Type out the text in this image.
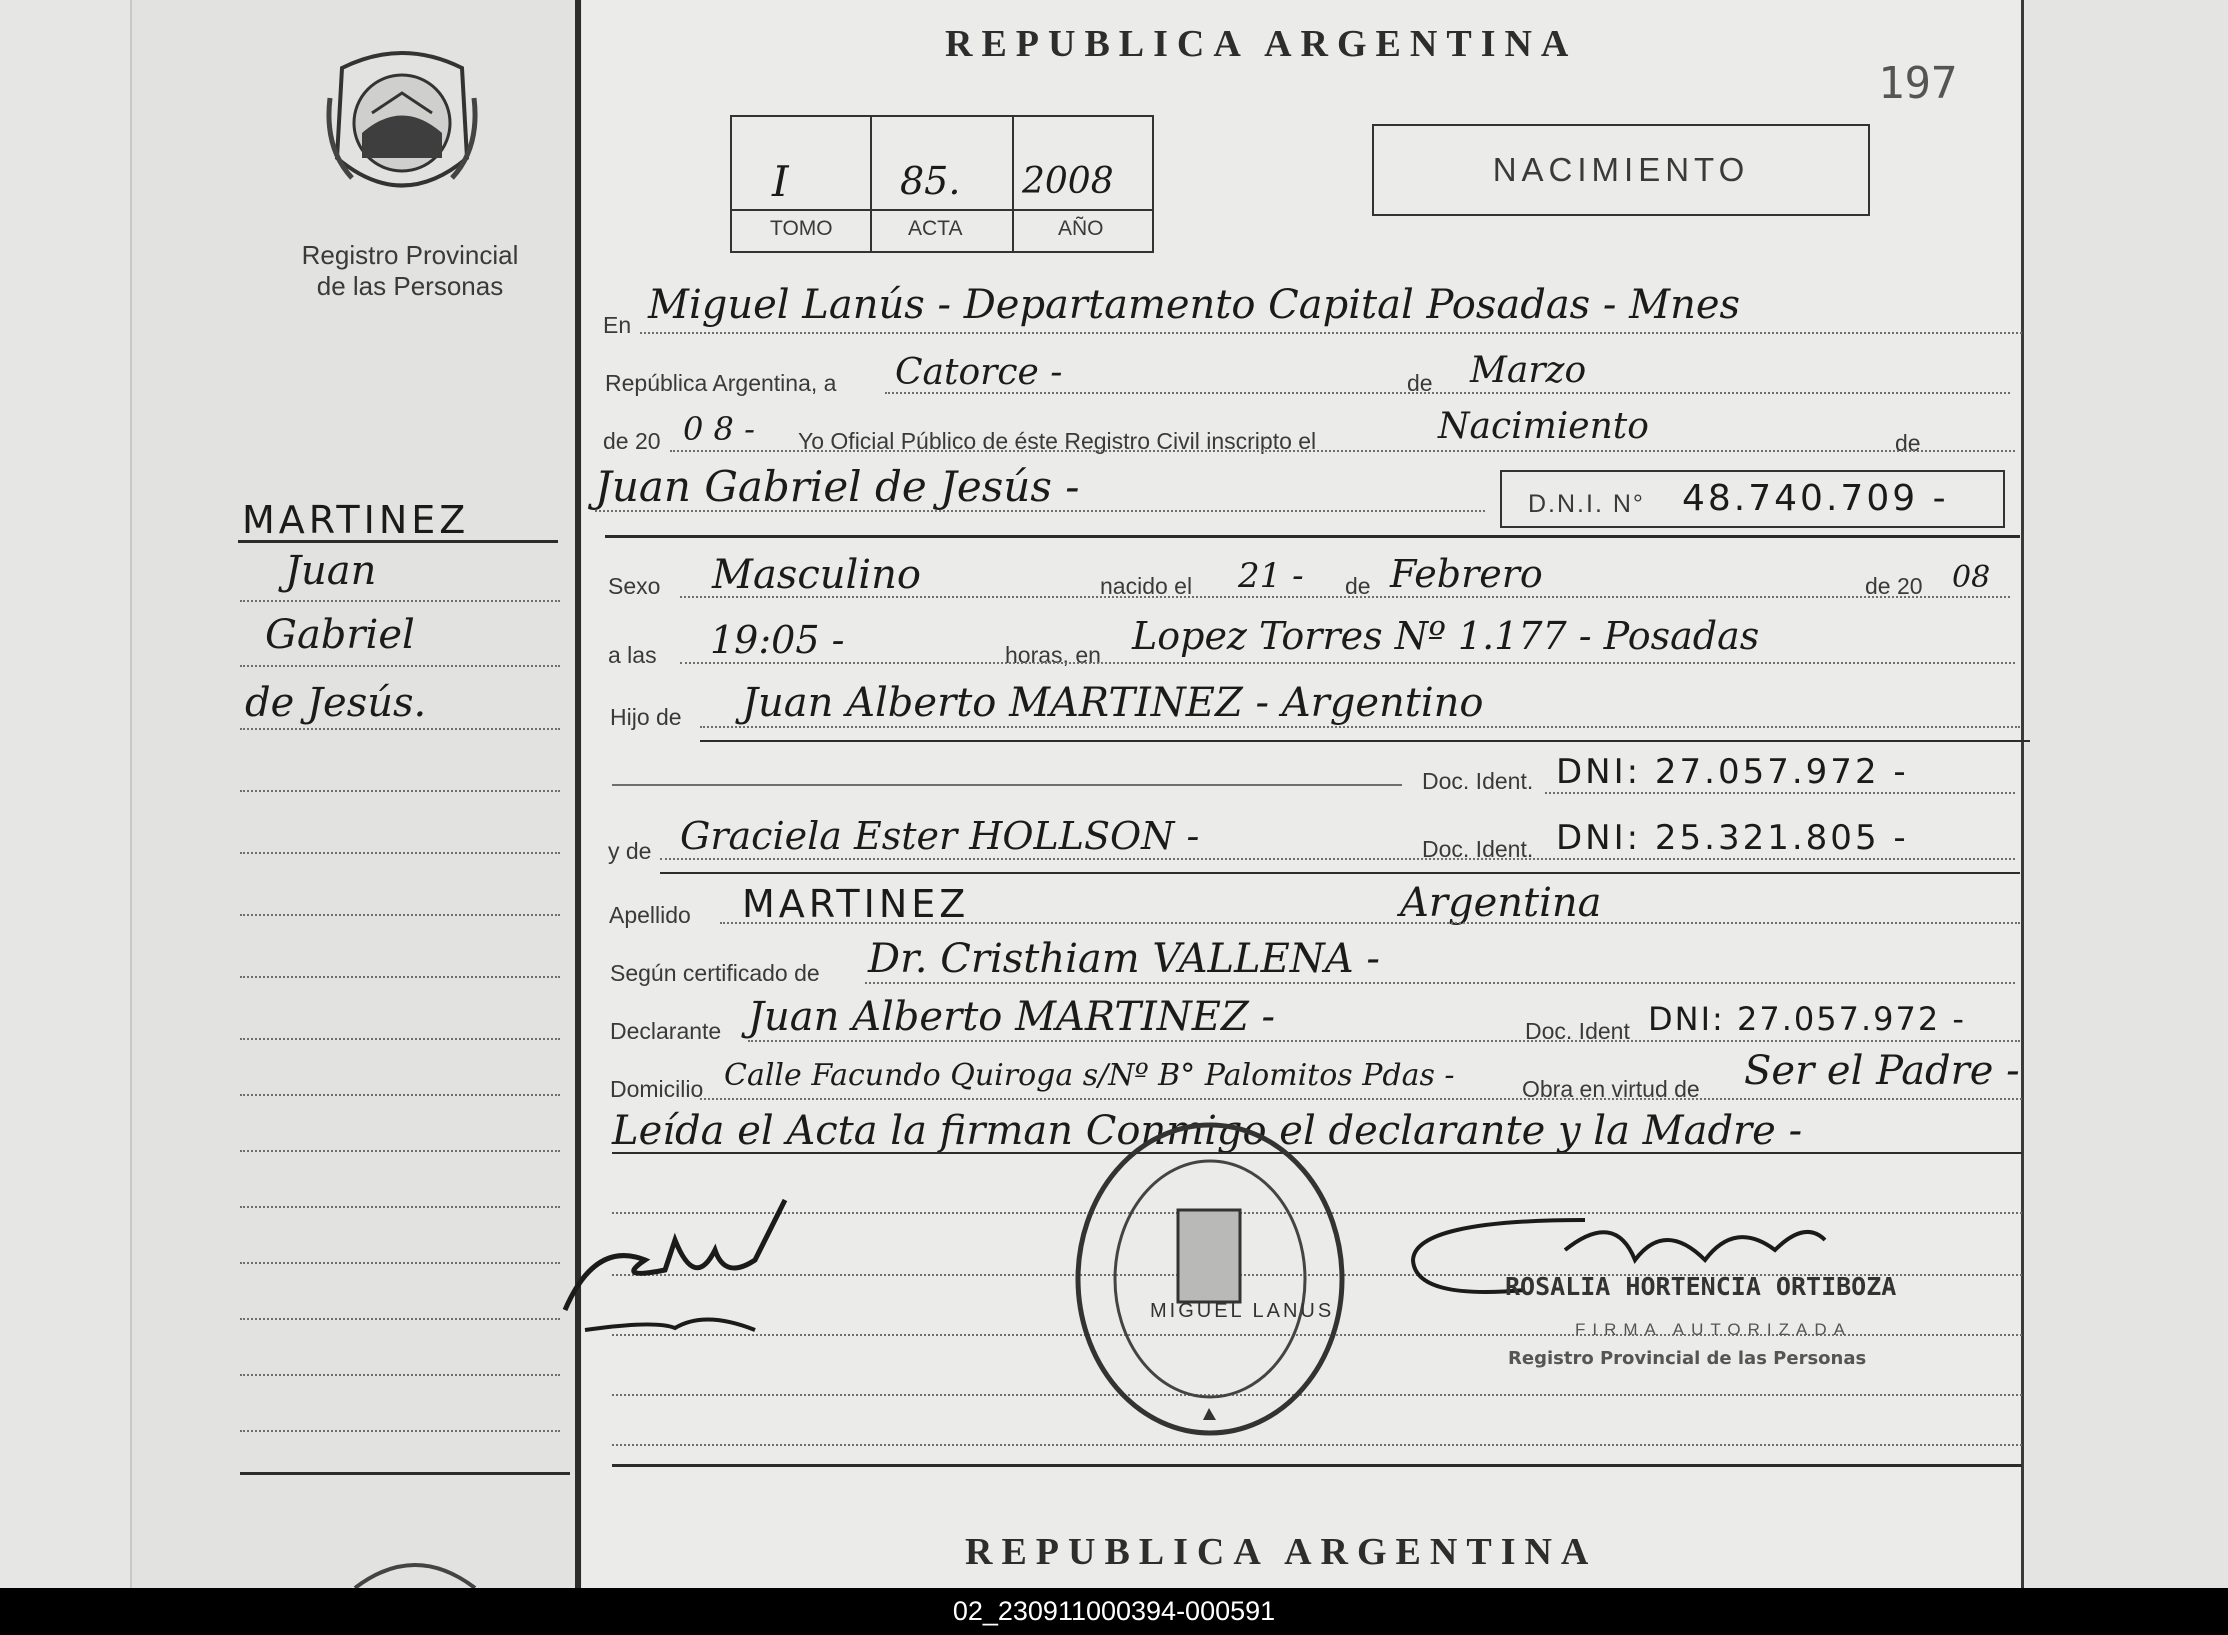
Registro Provincial
de las Personas
MARTINEZ
Juan
Gabriel
de Jesús.
REPUBLICA ARGENTINA
197
I	85. 2008
TOMO	ACTA	AÑO
NACIMIENTO
En Miguel Lanús - Departamento Capital Posadas - Mnes
República Argentina, a Catorce -	de Marzo
de 20 0 8 - Yo Oficial Público de éste Registro Civil inscripto el	Nacimiento	de
Juan Gabriel de Jesús -	D.N.I. N° 48.740.709 -
Sexo Masculino	nacido el 21 - de Febrero	de 20 08
a las 19:05 -	horas, en Lopez Torres Nº 1.177 - Posadas
Hijo de Juan Alberto MARTINEZ - Argentino
Doc. Ident. DNI: 27.057.972 -
y de Graciela Ester HOLLSON -	Doc. Ident. DNI: 25.321.805 -
Apellido MARTINEZ	Argentina
Según certificado de Dr. Cristhiam VALLENA -
Declarante Juan Alberto MARTINEZ -	Doc. Ident DNI: 27.057.972 -
Domicilio Calle Facundo Quiroga s/Nº B° Palomitos Pdas -	Obra en virtud de Ser el Padre -
Leída el Acta la firman Conmigo el declarante y la Madre -
ROSALIA HORTENCIA ORTIBOZA
FIRMA AUTORIZADA
Registro Provincial de las Personas
MIGUEL LANUS
REPUBLICA ARGENTINA
02_230911000394-000591
